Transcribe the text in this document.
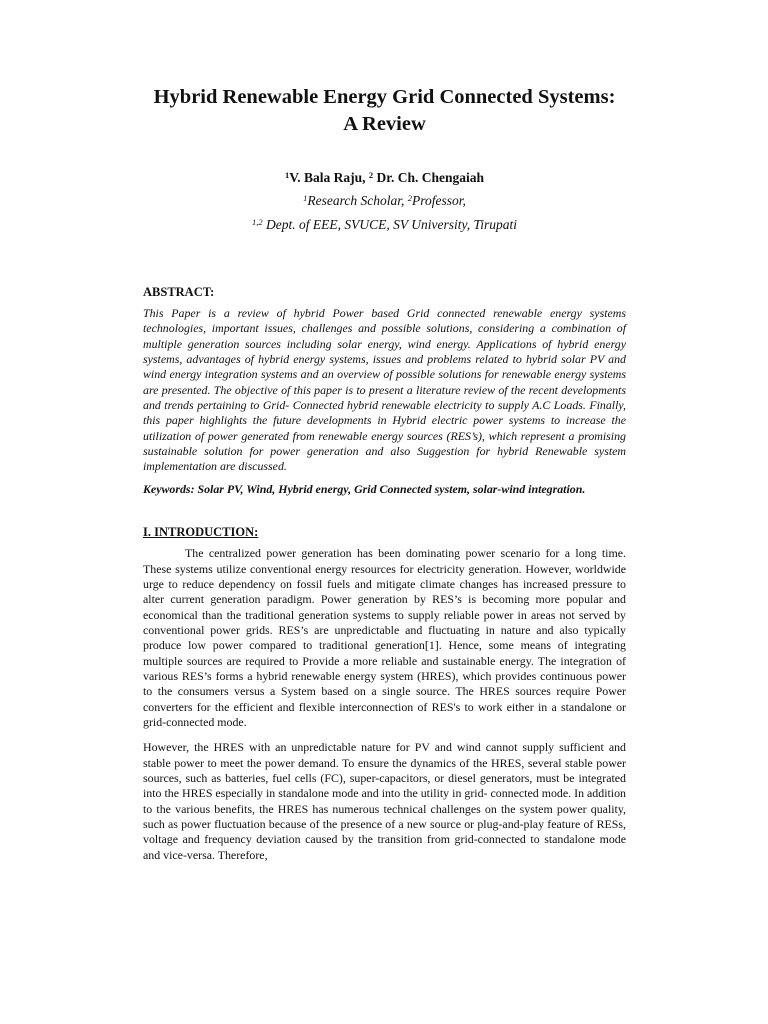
Hybrid Renewable Energy Grid Connected Systems:
A Review
$^1$V. Bala Raju, $^2$ Dr. Ch. Chengaiah
$^1$Research Scholar, $^2$Professor,
$^{1,2}$ Dept. of EEE, SVUCE, SV University, Tirupati
ABSTRACT:
This Paper is a review of hybrid Power based Grid connected renewable energy systems technologies, important issues, challenges and possible solutions, considering a combination of multiple generation sources including solar energy, wind energy. Applications of hybrid energy systems, advantages of hybrid energy systems, issues and problems related to hybrid solar PV and wind energy integration systems and an overview of possible solutions for renewable energy systems are presented. The objective of this paper is to present a literature review of the recent developments and trends pertaining to Grid- Connected hybrid renewable electricity to supply A.C Loads. Finally, this paper highlights the future developments in Hybrid electric power systems to increase the utilization of power generated from renewable energy sources (RES’s), which represent a promising sustainable solution for power generation and also Suggestion for hybrid Renewable system implementation are discussed.
Keywords: Solar PV, Wind, Hybrid energy, Grid Connected system, solar-wind integration.
I. INTRODUCTION:
The centralized power generation has been dominating power scenario for a long time. These systems utilize conventional energy resources for electricity generation. However, worldwide urge to reduce dependency on fossil fuels and mitigate climate changes has increased pressure to alter current generation paradigm. Power generation by RES’s is becoming more popular and economical than the traditional generation systems to supply reliable power in areas not served by conventional power grids. RES’s are unpredictable and fluctuating in nature and also typically produce low power compared to traditional generation[1]. Hence, some means of integrating multiple sources are required to Provide a more reliable and sustainable energy. The integration of various RES’s forms a hybrid renewable energy system (HRES), which provides continuous power to the consumers versus a System based on a single source. The HRES sources require Power converters for the efficient and flexible interconnection of RES's to work either in a standalone or grid-connected mode.
However, the HRES with an unpredictable nature for PV and wind cannot supply sufficient and stable power to meet the power demand. To ensure the dynamics of the HRES, several stable power sources, such as batteries, fuel cells (FC), super-capacitors, or diesel generators, must be integrated into the HRES especially in standalone mode and into the utility in grid- connected mode. In addition to the various benefits, the HRES has numerous technical challenges on the system power quality, such as power fluctuation because of the presence of a new source or plug-and-play feature of RESs, voltage and frequency deviation caused by the transition from grid-connected to standalone mode and vice-versa. Therefore,
